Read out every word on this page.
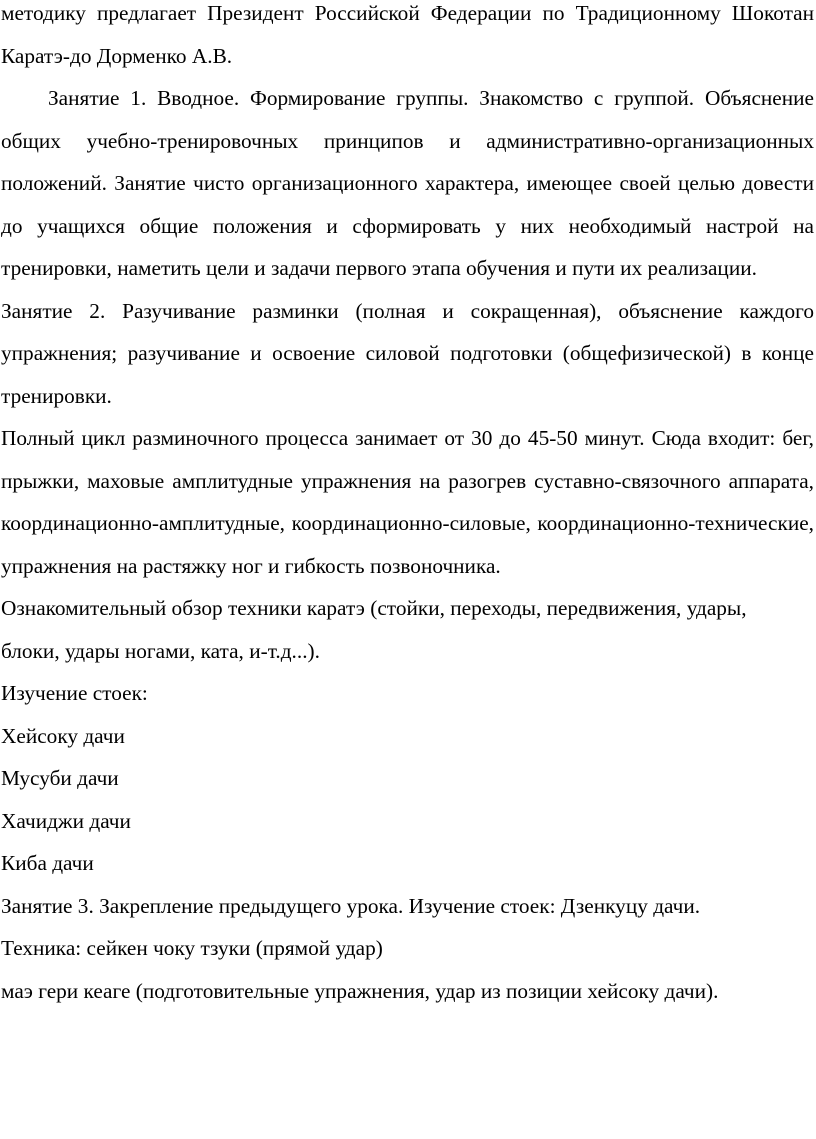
методику предлагает Президент Российской Федерации по Традиционному Шокотан Каратэ-до Дорменко А.В.

Занятие 1. Вводное. Формирование группы. Знакомство с группой. Объяснение общих учебно-тренировочных принципов и административно-организационных положений. Занятие чисто организационного характера, имеющее своей целью довести до учащихся общие положения и сформировать у них необходимый настрой на тренировки, наметить цели и задачи первого этапа обучения и пути их реализации.

Занятие 2. Разучивание разминки (полная и сокращенная), объяснение каждого упражнения; разучивание и освоение силовой подготовки (общефизической) в конце тренировки.

Полный цикл разминочного процесса занимает от 30 до 45-50 минут. Сюда входит: бег, прыжки, маховые амплитудные упражнения на разогрев суставно-связочного аппарата, координационно-амплитудные, координационно-силовые, координационно-технические, упражнения на растяжку ног и гибкость позвоночника.

Ознакомительный обзор техники каратэ (стойки, переходы, передвижения, удары,

блоки, удары ногами, ката, и-т.д...).

Изучение стоек:

Хейсоку дачи

Мусуби дачи

Хачиджи дачи

Киба дачи

Занятие 3. Закрепление предыдущего урока. Изучение стоек: Дзенкуцу дачи.

Техника: сейкен чоку тзуки (прямой удар)

маэ гери кеаге (подготовительные упражнения, удар из позиции хейсоку дачи).
